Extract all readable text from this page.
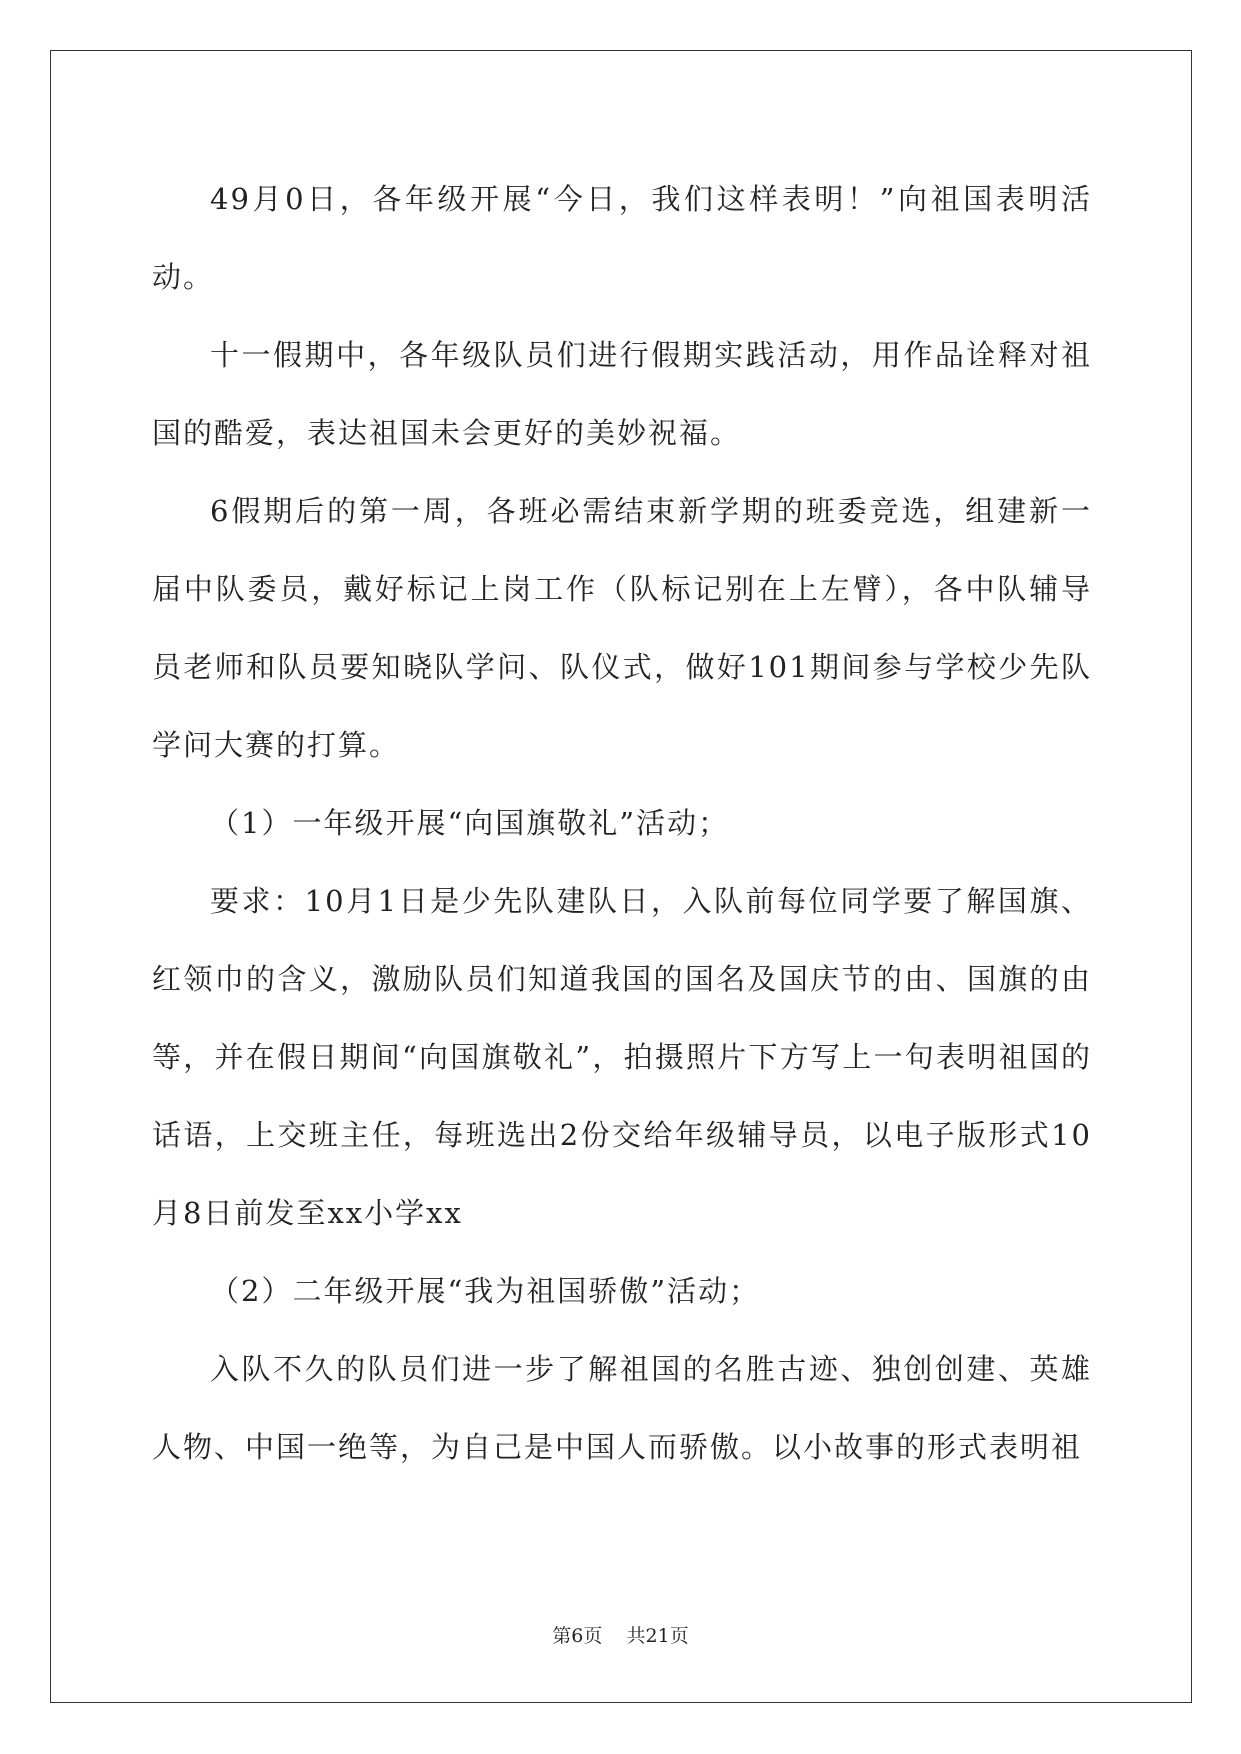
49月0日，各年级开展“今日，我们这样表明！”向祖国表明活动。

十一假期中，各年级队员们进行假期实践活动，用作品诠释对祖国的酷爱，表达祖国未会更好的美妙祝福。

6假期后的第一周，各班必需结束新学期的班委竞选，组建新一届中队委员，戴好标记上岗工作（队标记别在上左臂），各中队辅导员老师和队员要知晓队学问、队仪式，做好101期间参与学校少先队学问大赛的打算。

（1）一年级开展“向国旗敬礼”活动；

要求：10月1日是少先队建队日，入队前每位同学要了解国旗、红领巾的含义，激励队员们知道我国的国名及国庆节的由、国旗的由等，并在假日期间“向国旗敬礼”，拍摄照片下方写上一句表明祖国的话语，上交班主任，每班选出2份交给年级辅导员，以电子版形式10月8日前发至xx小学xx

（2）二年级开展“我为祖国骄傲”活动；

入队不久的队员们进一步了解祖国的名胜古迹、独创创建、英雄人物、中国一绝等，为自己是中国人而骄傲。以小故事的形式表明祖

第6页 共21页
